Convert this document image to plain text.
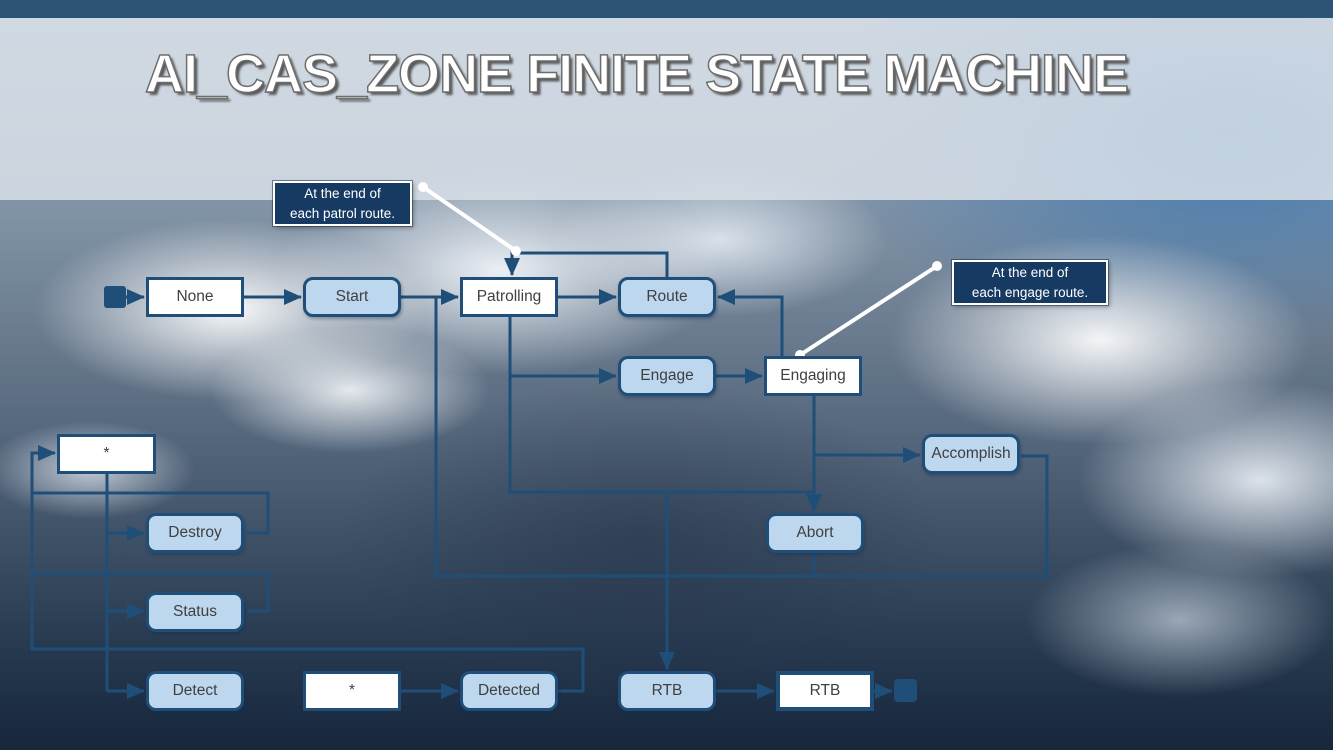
AI_CAS_ZONE FINITE STATE MACHINE
None	Start	Patrolling	Route
Engage	Engaging
Accomplish
Abort
*
Destroy
Status
Detect	*	Detected	RTB	RTB
At the end of
each patrol route.
At the end of
each engage route.
